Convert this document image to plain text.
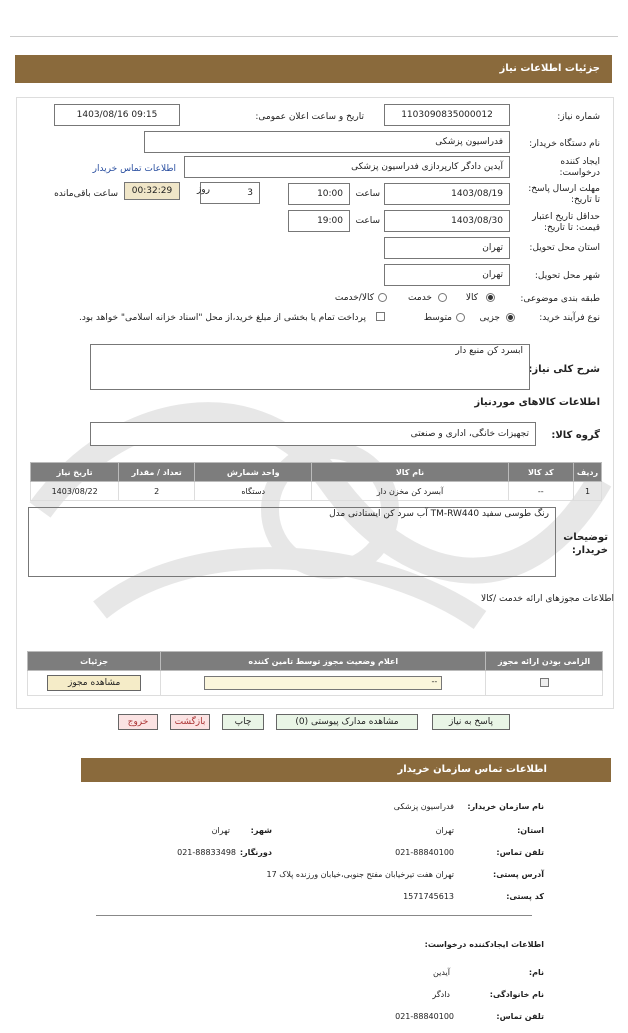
جزئیات اطلاعات نیاز
شماره نیاز:
1103090835000012
تاریخ و ساعت اعلان عمومی:
1403/08/16 09:15
نام دستگاه خریدار:
فدراسیون پزشکی
ایجاد کننده
درخواست:
آیدین دادگر کارپردازی فدراسیون پزشکی
اطلاعات تماس خریدار
مهلت ارسال پاسخ:
تا تاریخ:
1403/08/19
ساعت
10:00
3
روز
00:32:29
ساعت باقی‌مانده
حداقل تاریخ اعتبار
قیمت: تا تاریخ:
1403/08/30
ساعت
19:00
استان محل تحویل:
تهران
شهر محل تحویل:
تهران
طبقه بندی موضوعی:
کالا
خدمت
کالا/خدمت
نوع فرآیند خرید:
جزیی
متوسط
پرداخت تمام یا بخشی از مبلغ خرید،از محل "اسناد خزانه اسلامی" خواهد بود.
شرح کلی نیاز:
ابسرد کن منبع دار
اطلاعات کالاهای موردنیاز
گروه کالا:
تجهیزات خانگی، اداری و صنعتی
ردیف	کد کالا	نام کالا	واحد شمارش	تعداد / مقدار	تاریخ نیاز
1	--	آبسرد کن مخزن دار	دستگاه	2	1403/08/22
توضیحات
خریدار:
رنگ طوسی سفید TM-RW440 آب سرد کن ایستادنی مدل
اطلاعات مجوزهای ارائه خدمت /کالا
الزامی بودن ارائه مجوز	اعلام وضعیت مجوز توسط تامین کننده	جزئیات

	--	مشاهده مجوز
پاسخ به نیاز
مشاهده مدارک پیوستی (0)
چاپ
بازگشت
خروج
اطلاعات تماس سازمان خریدار
نام سازمان خریدار:
فدراسیون پزشکی
استان:
تهران
شهر:
تهران
تلفن تماس:
021-88840100
دورنگار:
021-88833498
آدرس پستی:
تهران هفت تیرخیابان مفتح جنوبی،خیابان ورزنده پلاک 17
کد پستی:
1571745613
اطلاعات ایجادکننده درخواست:
نام:
آیدین
نام خانوادگی:
دادگر
تلفن تماس:
021-88840100
